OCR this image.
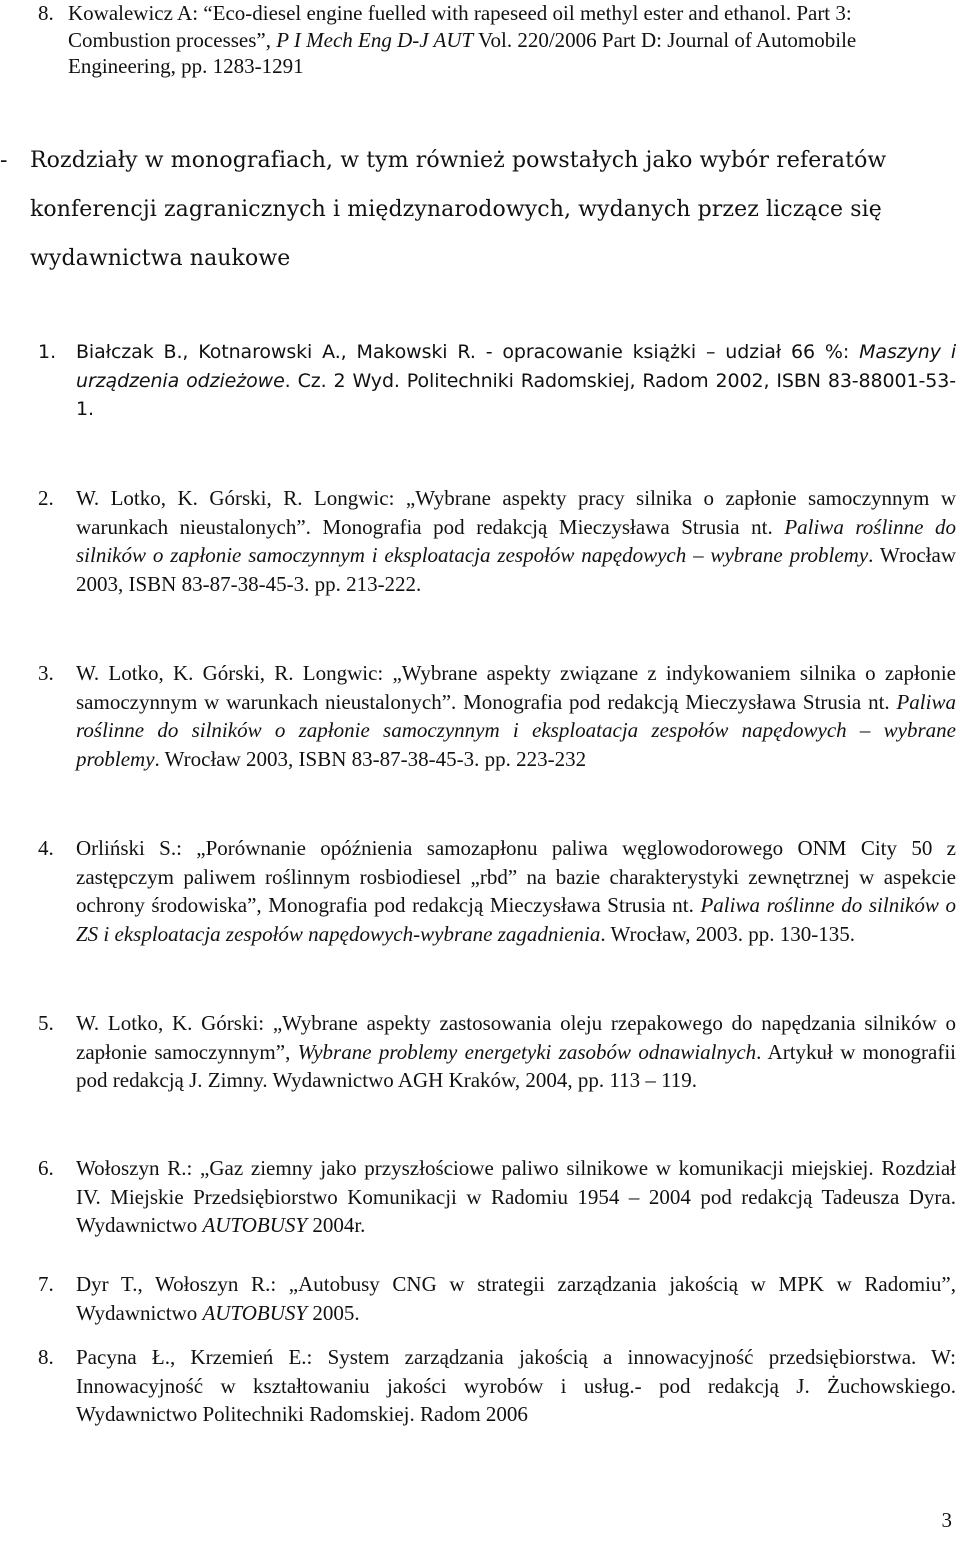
8. Kowalewicz A: “Eco-diesel engine fuelled with rapeseed oil methyl ester and ethanol. Part 3: Combustion processes”, P I Mech Eng D-J AUT Vol. 220/2006 Part D: Journal of Automobile Engineering, pp. 1283-1291
- Rozdziały w monografiach, w tym również powstałych jako wybór referatów konferencji zagranicznych i międzynarodowych, wydanych przez liczące się wydawnictwa naukowe
1. Białczak B., Kotnarowski A., Makowski R. - opracowanie książki – udział 66 %: Maszyny i urządzenia odzieżowe. Cz. 2 Wyd. Politechniki Radomskiej, Radom 2002, ISBN 83-88001-53-1.
2. W. Lotko, K. Górski, R. Longwic: „Wybrane aspekty pracy silnika o zapłonie samoczynnym w warunkach nieustalonych”. Monografia pod redakcją Mieczysława Strusia nt. Paliwa roślinne do silników o zapłonie samoczynnym i eksploatacja zespołów napędowych – wybrane problemy. Wrocław 2003, ISBN 83-87-38-45-3. pp. 213-222.
3. W. Lotko, K. Górski, R. Longwic: „Wybrane aspekty związane z indykowaniem silnika o zapłonie samoczynnym w warunkach nieustalonych”. Monografia pod redakcją Mieczysława Strusia nt. Paliwa roślinne do silników o zapłonie samoczynnym i eksploatacja zespołów napędowych – wybrane problemy. Wrocław 2003, ISBN 83-87-38-45-3. pp. 223-232
4. Orliński S.: „Porównanie opóźnienia samozapłonu paliwa węglowodorowego ONM City 50 z zastępczym paliwem roślinnym rosbiodiesel „rbd” na bazie charakterystyki zewnętrznej w aspekcie ochrony środowiska”, Monografia pod redakcją Mieczysława Strusia nt. Paliwa roślinne do silników o ZS i eksploatacja zespołów napędowych-wybrane zagadnienia. Wrocław, 2003. pp. 130-135.
5. W. Lotko, K. Górski: „Wybrane aspekty zastosowania oleju rzepakowego do napędzania silników o zapłonie samoczynnym”, Wybrane problemy energetyki zasobów odnawialnych. Artykuł w monografii pod redakcją J. Zimny. Wydawnictwo AGH Kraków, 2004, pp. 113 – 119.
6. Wołoszyn R.: „Gaz ziemny jako przyszłościowe paliwo silnikowe w komunikacji miejskiej. Rozdział IV. Miejskie Przedsiębiorstwo Komunikacji w Radomiu 1954 – 2004 pod redakcją Tadeusza Dyra. Wydawnictwo AUTOBUSY 2004r.
7. Dyr T., Wołoszyn R.: „Autobusy CNG w strategii zarządzania jakością w MPK w Radomiu”, Wydawnictwo AUTOBUSY 2005.
8. Pacyna Ł., Krzemień E.: System zarządzania jakością a innowacyjność przedsiębiorstwa. W: Innowacyjność w kształtowaniu jakości wyrobów i usług.- pod redakcją J. Żuchowskiego. Wydawnictwo Politechniki Radomskiej. Radom 2006
3
